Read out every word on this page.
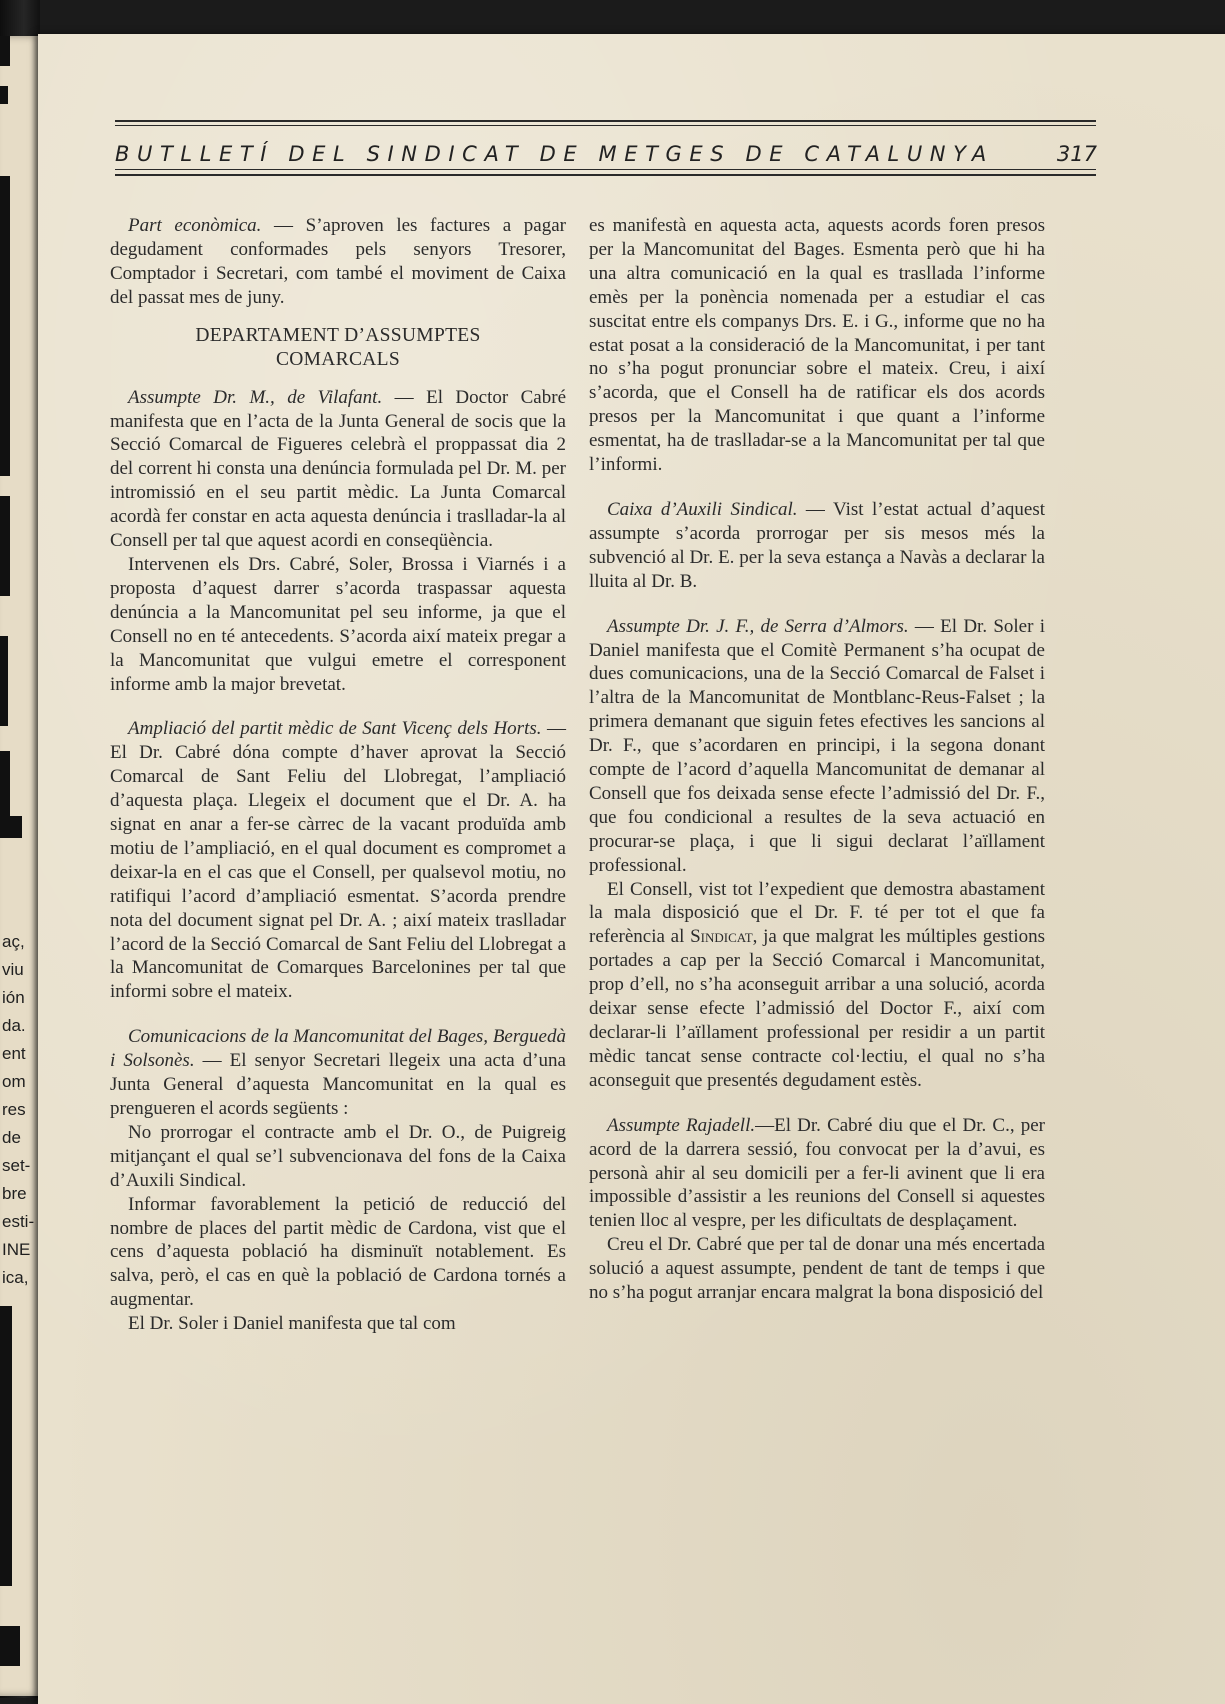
aç,
viu
ión
da.
ent
om
res
de
set-
bre
esti-
INE
ica,
BUTLLETÍ DEL SINDICAT DE METGES DE CATALUNYA	317

Part econòmica. — S’aproven les factures a pagar degudament conformades pels senyors Tresorer, Comptador i Secretari, com també el moviment de Caixa del passat mes de juny.

DEPARTAMENT D’ASSUMPTES

COMARCALS

Assumpte Dr. M., de Vilafant. — El Doctor Cabré manifesta que en l’acta de la Junta General de socis que la Secció Comarcal de Figueres celebrà el proppassat dia 2 del corrent hi consta una denúncia formulada pel Dr. M. per intromissió en el seu partit mèdic. La Junta Comarcal acordà fer constar en acta aquesta denúncia i traslladar-la al Consell per tal que aquest acordi en conseqüència.

Intervenen els Drs. Cabré, Soler, Brossa i Viarnés i a proposta d’aquest darrer s’acorda traspassar aquesta denúncia a la Mancomunitat pel seu informe, ja que el Consell no en té antecedents. S’acorda així mateix pregar a la Mancomunitat que vulgui emetre el corresponent informe amb la major brevetat.

Ampliació del partit mèdic de Sant Vicenç dels Horts. — El Dr. Cabré dóna compte d’haver aprovat la Secció Comarcal de Sant Feliu del Llobregat, l’ampliació d’aquesta plaça. Llegeix el document que el Dr. A. ha signat en anar a fer-se càrrec de la vacant produïda amb motiu de l’ampliació, en el qual document es compromet a deixar-la en el cas que el Consell, per qualsevol motiu, no ratifiqui l’acord d’ampliació esmentat. S’acorda prendre nota del document signat pel Dr. A. ; així mateix traslladar l’acord de la Secció Comarcal de Sant Feliu del Llobregat a la Mancomunitat de Comarques Barcelonines per tal que informi sobre el mateix.

Comunicacions de la Mancomunitat del Bages, Berguedà i Solsonès. — El senyor Secretari llegeix una acta d’una Junta General d’aquesta Mancomunitat en la qual es prengueren el acords següents :

No prorrogar el contracte amb el Dr. O., de Puigreig mitjançant el qual se’l subvencionava del fons de la Caixa d’Auxili Sindical.

Informar favorablement la petició de reducció del nombre de places del partit mèdic de Cardona, vist que el cens d’aquesta població ha disminuït notablement. Es salva, però, el cas en què la població de Cardona tornés a augmentar.

El Dr. Soler i Daniel manifesta que tal com

es manifestà en aquesta acta, aquests acords foren presos per la Mancomunitat del Bages. Esmenta però que hi ha una altra comunicació en la qual es trasllada l’informe emès per la ponència nomenada per a estudiar el cas suscitat entre els companys Drs. E. i G., informe que no ha estat posat a la consideració de la Mancomunitat, i per tant no s’ha pogut pronunciar sobre el mateix. Creu, i així s’acorda, que el Consell ha de ratificar els dos acords presos per la Mancomunitat i que quant a l’informe esmentat, ha de traslladar-se a la Mancomunitat per tal que l’informi.

Caixa d’Auxili Sindical. — Vist l’estat actual d’aquest assumpte s’acorda prorrogar per sis mesos més la subvenció al Dr. E. per la seva estança a Navàs a declarar la lluita al Dr. B.

Assumpte Dr. J. F., de Serra d’Almors. — El Dr. Soler i Daniel manifesta que el Comitè Permanent s’ha ocupat de dues comunicacions, una de la Secció Comarcal de Falset i l’altra de la Mancomunitat de Montblanc-Reus-Falset ; la primera demanant que siguin fetes efectives les sancions al Dr. F., que s’acordaren en principi, i la segona donant compte de l’acord d’aquella Mancomunitat de demanar al Consell que fos deixada sense efecte l’admissió del Dr. F., que fou condicional a resultes de la seva actuació en procurar-se plaça, i que li sigui declarat l’aïllament professional.

El Consell, vist tot l’expedient que demostra abastament la mala disposició que el Dr. F. té per tot el que fa referència al Sindicat, ja que malgrat les múltiples gestions portades a cap per la Secció Comarcal i Mancomunitat, prop d’ell, no s’ha aconseguit arribar a una solució, acorda deixar sense efecte l’admissió del Doctor F., així com declarar-li l’aïllament professional per residir a un partit mèdic tancat sense contracte col·lectiu, el qual no s’ha aconseguit que presentés degudament estès.

Assumpte Rajadell.—El Dr. Cabré diu que el Dr. C., per acord de la darrera sessió, fou convocat per la d’avui, es personà ahir al seu domicili per a fer-li avinent que li era impossible d’assistir a les reunions del Consell si aquestes tenien lloc al vespre, per les dificultats de desplaçament.

Creu el Dr. Cabré que per tal de donar una més encertada solució a aquest assumpte, pendent de tant de temps i que no s’ha pogut arranjar encara malgrat la bona disposició del
